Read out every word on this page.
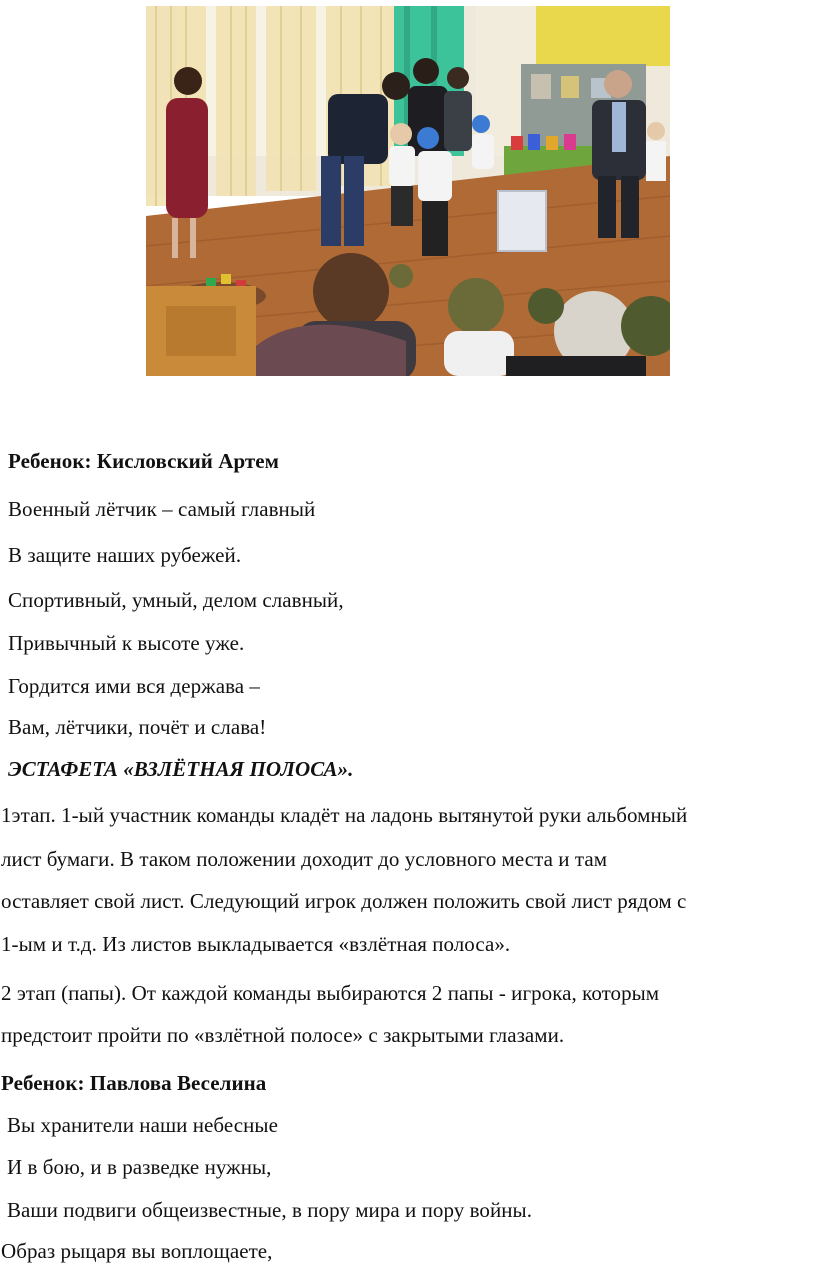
Ребенок: Кисловский Артем
Военный лётчик – самый главный
В защите наших рубежей.
Спортивный, умный, делом славный,
Привычный к высоте уже.
Гордится ими вся держава –
Вам, лётчики, почёт и слава!
ЭСТАФЕТА «ВЗЛЁТНАЯ ПОЛОСА».
1этап. 1-ый участник команды кладёт на ладонь вытянутой руки альбомный
лист бумаги. В таком положении доходит до условного места и там
оставляет свой лист. Следующий игрок должен положить свой лист рядом с
1-ым и т.д. Из листов выкладывается «взлётная полоса».
2 этап (папы). От каждой команды выбираются 2 папы - игрока, которым
предстоит пройти по «взлётной полосе» с закрытыми глазами.
Ребенок: Павлова Веселина
Вы хранители наши небесные
И в бою, и в разведке нужны,
Ваши подвиги общеизвестные, в пору мира и пору войны.
Образ рыцаря вы воплощаете,
